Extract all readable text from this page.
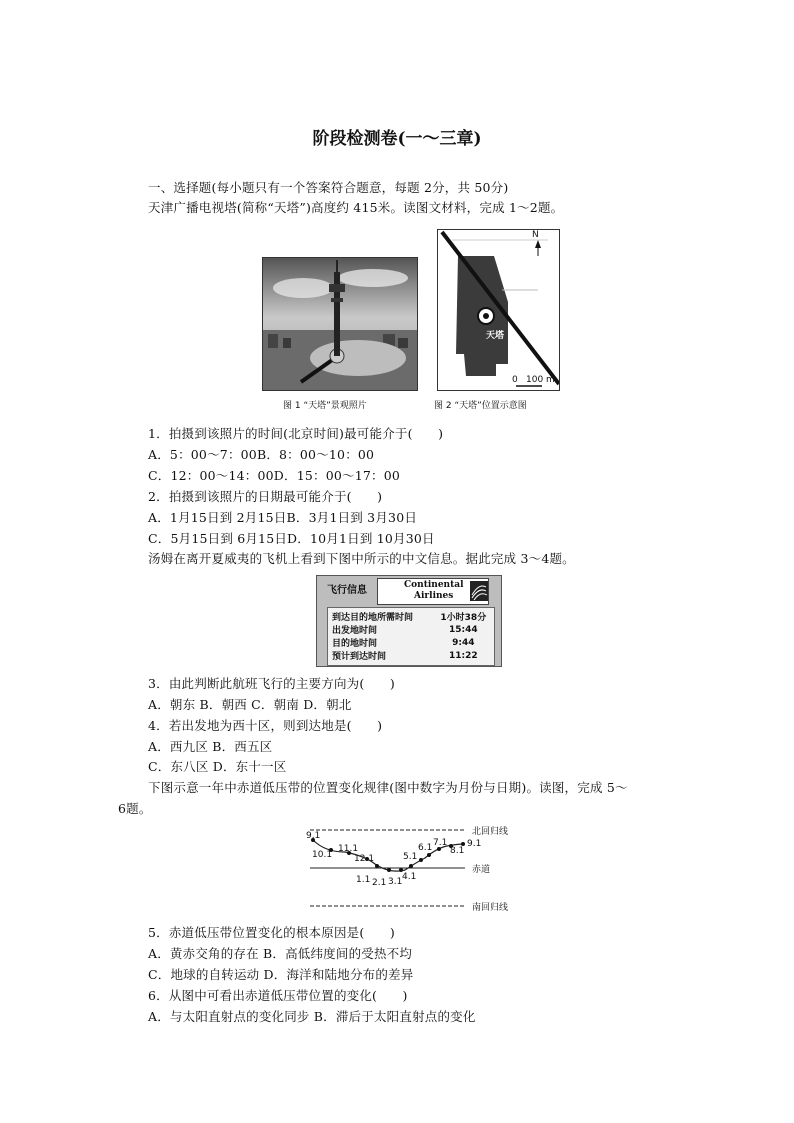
阶段检测卷(一～三章)
一、选择题(每小题只有一个答案符合题意，每题 2分，共 50分)
天津广播电视塔(简称“天塔”)高度约 415米。读图文材料，完成 1～2题。
N
天塔
0 100 m
图 1 “天塔”景观照片	图 2 “天塔”位置示意图
1．拍摄到该照片的时间(北京时间)最可能介于(　　)
A．5：00～7：00B．8：00～10：00
C．12：00～14：00D．15：00～17：00
2．拍摄到该照片的日期最可能介于(　　)
A．1月15日到 2月15日B．3月1日到 3月30日
C．5月15日到 6月15日D．10月1日到 10月30日
汤姆在离开夏威夷的飞机上看到下图中所示的中文信息。据此完成 3～4题。
飞行信息	Continental
Airlines
到达目的地所需时间	1小时38分
出发地时间	15:44
目的地时间	9:44
预计到达时间	11:22
3．由此判断此航班飞行的主要方向为(　　)
A．朝东 B．朝西 C．朝南 D．朝北
4．若出发地为西十区，则到达地是(　　)
A．西九区 B．西五区
C．东八区 D．东十一区
下图示意一年中赤道低压带的位置变化规律(图中数字为月份与日期)。读图，完成 5～
6题。
9.1
10.1
11.1
12.1
1.1 2.1 3.1 4.1
5.1
6.1 7.1
8.1
9.1
北回归线
赤道
南回归线
5．赤道低压带位置变化的根本原因是(　　)
A．黄赤交角的存在 B．高低纬度间的受热不均
C．地球的自转运动 D．海洋和陆地分布的差异
6．从图中可看出赤道低压带位置的变化(　　)
A．与太阳直射点的变化同步 B．滞后于太阳直射点的变化
